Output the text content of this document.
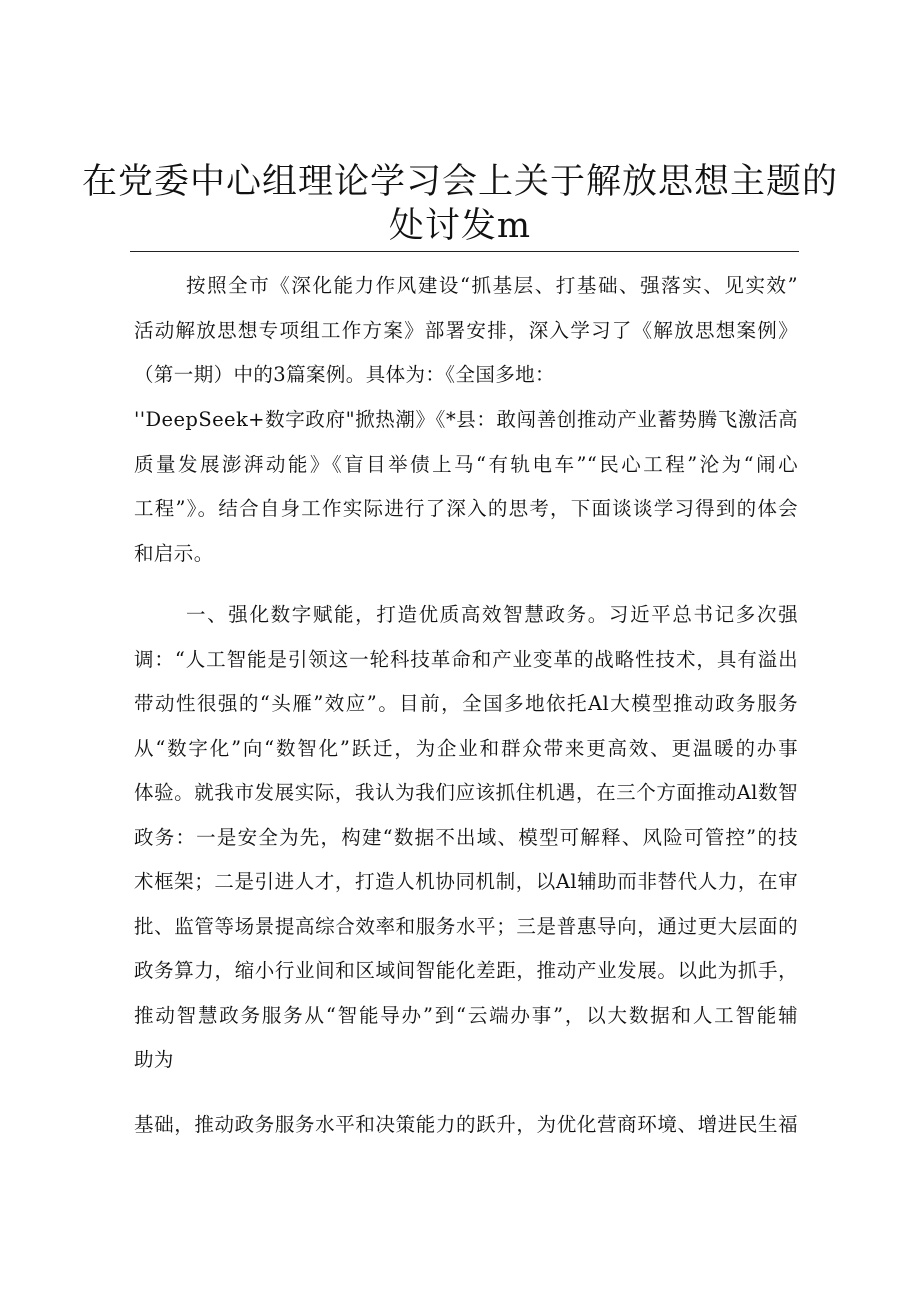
在党委中心组理论学习会上关于解放思想主题的
处讨发m
按照全市《深化能力作风建设“抓基层、打基础、强落实、见实效”
活动解放思想专项组工作方案》部署安排，深入学习了《解放思想案例》
（第一期）中的3篇案例。具体为：《全国多地：
''DeepSeek+数字政府"掀热潮》《*县：敢闯善创推动产业蓄势腾飞激活高
质量发展澎湃动能》《盲目举债上马“有轨电车”“民心工程”沦为“闹心
工程”》。结合自身工作实际进行了深入的思考，下面谈谈学习得到的体会
和启示。
一、强化数字赋能，打造优质高效智慧政务。习近平总书记多次强
调：“人工智能是引领这一轮科技革命和产业变革的战略性技术，具有溢出
带动性很强的“头雁”效应”。目前，全国多地依托Al大模型推动政务服务
从“数字化”向“数智化”跃迁，为企业和群众带来更高效、更温暖的办事
体验。就我市发展实际，我认为我们应该抓住机遇，在三个方面推动Al数智
政务：一是安全为先，构建“数据不出域、模型可解释、风险可管控”的技
术框架；二是引进人才，打造人机协同机制，以Al辅助而非替代人力，在审
批、监管等场景提高综合效率和服务水平；三是普惠导向，通过更大层面的
政务算力，缩小行业间和区域间智能化差距，推动产业发展。以此为抓手，
推动智慧政务服务从“智能导办”到“云端办事”，以大数据和人工智能辅
助为
基础，推动政务服务水平和决策能力的跃升，为优化营商环境、增进民生福
